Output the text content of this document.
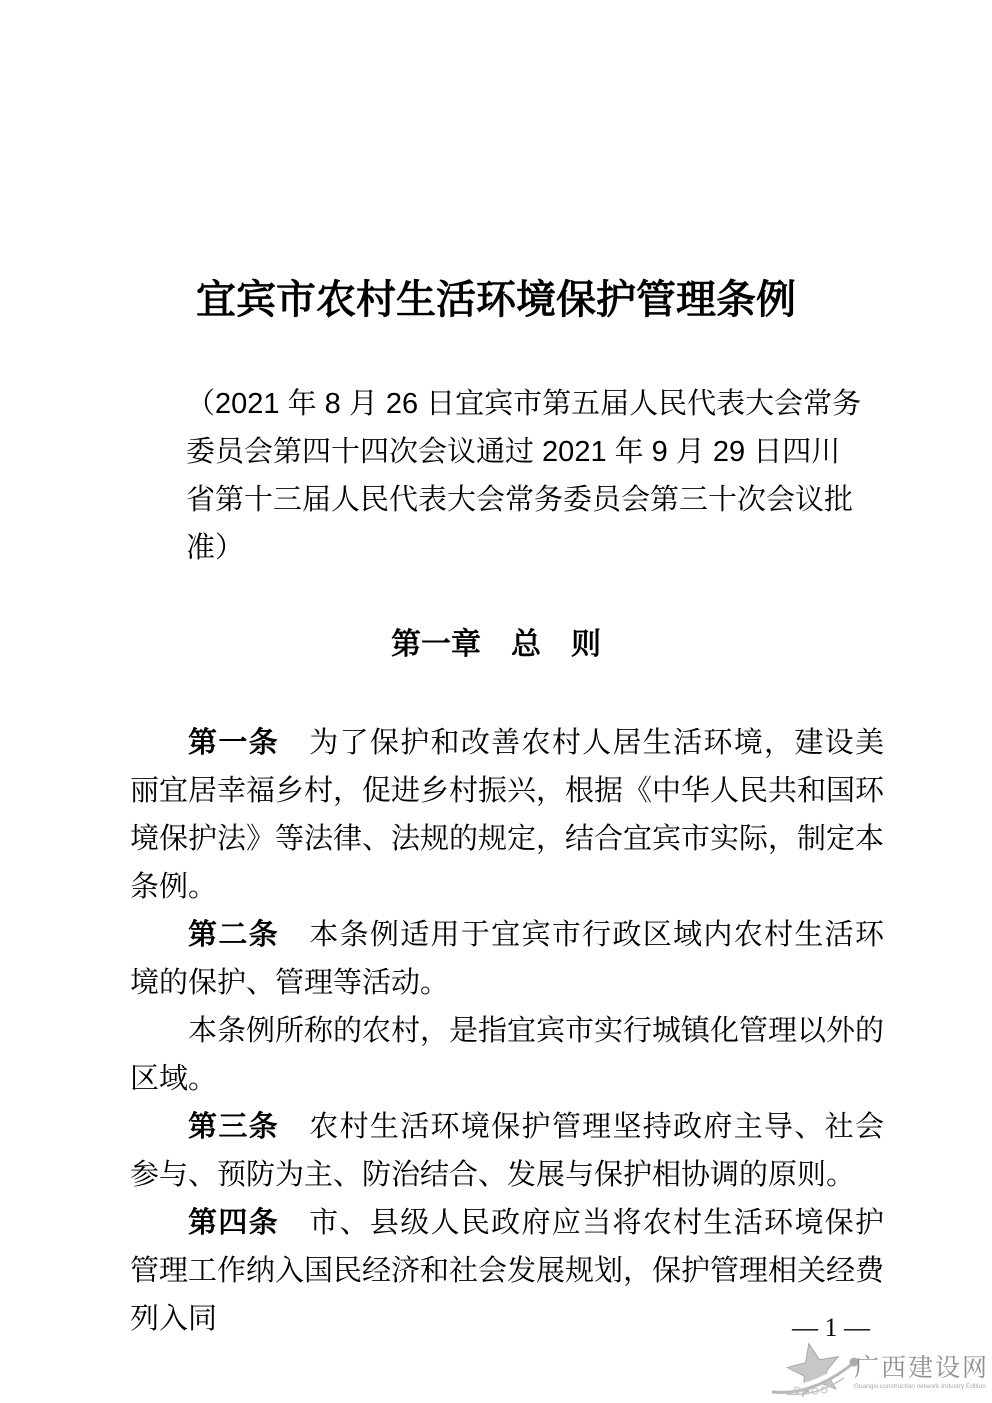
宜宾市农村生活环境保护管理条例
（2021 年 8 月 26 日宜宾市第五届人民代表大会常务
委员会第四十四次会议通过 2021 年 9 月 29 日四川
省第十三届人民代表大会常务委员会第三十次会议批
准）
第一章　总　则

第一条　为了保护和改善农村人居生活环境，建设美丽宜居幸福乡村，促进乡村振兴，根据《中华人民共和国环境保护法》等法律、法规的规定，结合宜宾市实际，制定本条例。

第二条　本条例适用于宜宾市行政区域内农村生活环境的保护、管理等活动。

本条例所称的农村，是指宜宾市实行城镇化管理以外的区域。

第三条　农村生活环境保护管理坚持政府主导、社会参与、预防为主、防治结合、发展与保护相协调的原则。

第四条　市、县级人民政府应当将农村生活环境保护管理工作纳入国民经济和社会发展规划，保护管理相关经费列入同	— 1 —
广西建设网
Guangxi construction network Industry Edition
